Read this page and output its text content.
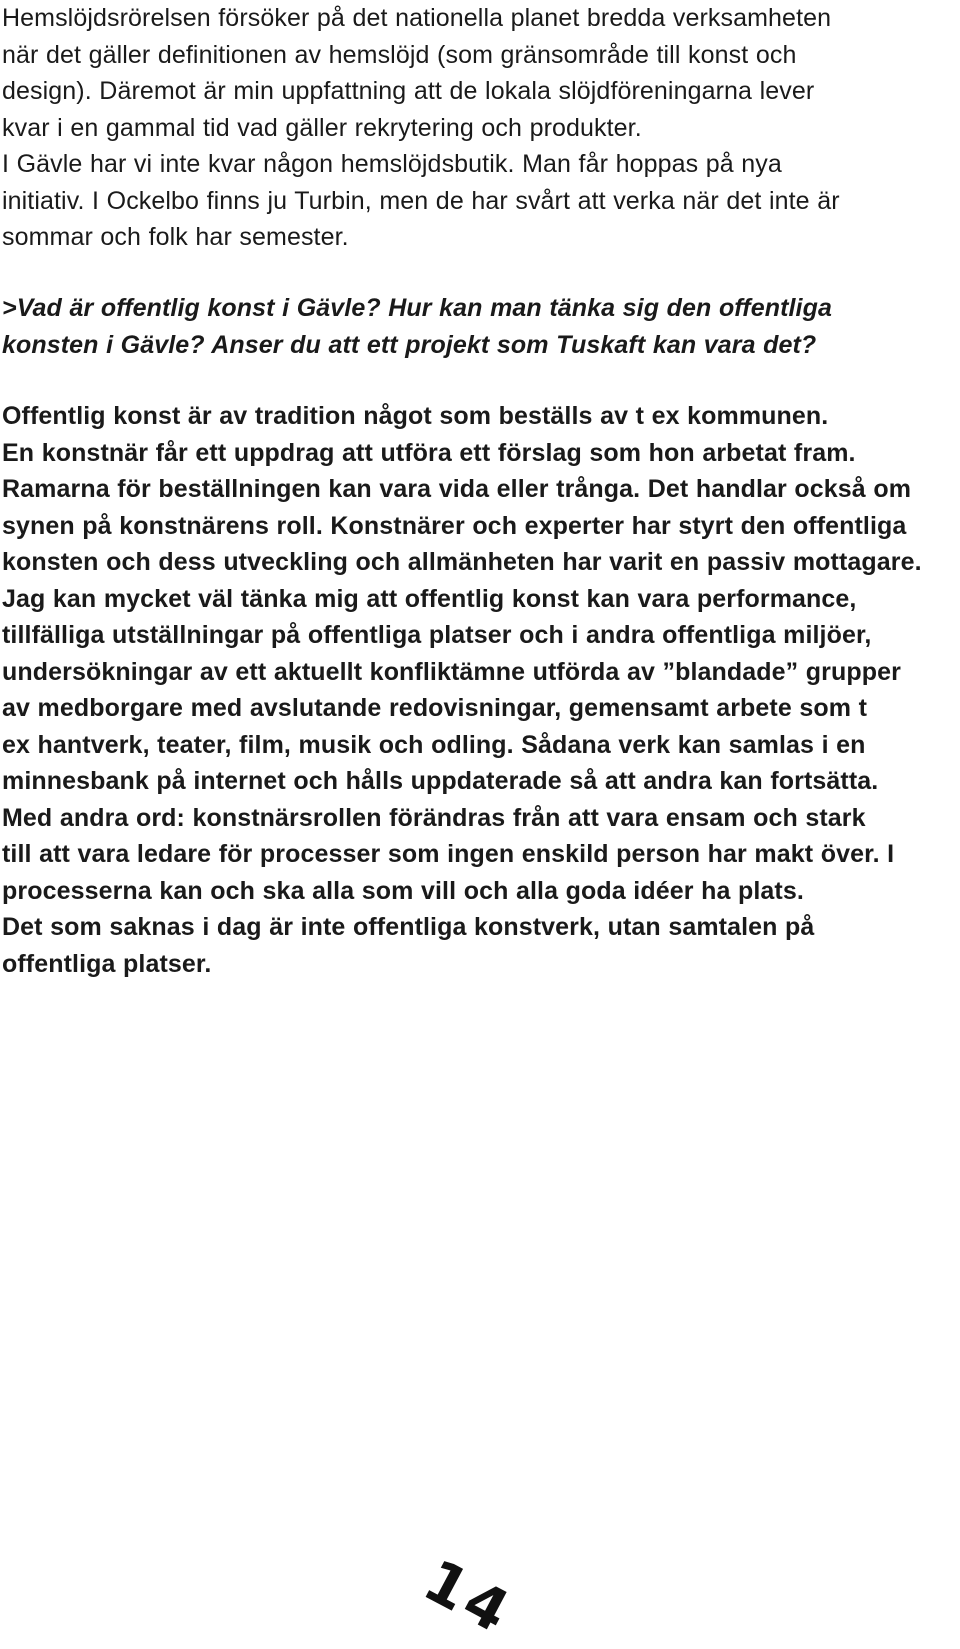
Hemslöjdsrörelsen försöker på det nationella planet bredda verksamheten

när det gäller definitionen av hemslöjd (som gränsområde till konst och

design). Däremot är min uppfattning att de lokala slöjdföreningarna lever

kvar i en gammal tid vad gäller rekrytering och produkter.

I Gävle har vi inte kvar någon hemslöjdsbutik. Man får hoppas på nya

initiativ. I Ockelbo finns ju Turbin, men de har svårt att verka när det inte är

sommar och folk har semester.

>Vad är offentlig konst i Gävle? Hur kan man tänka sig den offentliga

konsten i Gävle? Anser du att ett projekt som Tuskaft kan vara det?

Offentlig konst är av tradition något som beställs av t ex kommunen.

En konstnär får ett uppdrag att utföra ett förslag som hon arbetat fram.

Ramarna för beställningen kan vara vida eller trånga. Det handlar också om

synen på konstnärens roll. Konstnärer och experter har styrt den offentliga

konsten och dess utveckling och allmänheten har varit en passiv mottagare.

Jag kan mycket väl tänka mig att offentlig konst kan vara performance,

tillfälliga utställningar på offentliga platser och i andra offentliga miljöer,

undersökningar av ett aktuellt konfliktämne utförda av ”blandade” grupper

av medborgare med avslutande redovisningar, gemensamt arbete som t

ex hantverk, teater, film, musik och odling. Sådana verk kan samlas i en

minnesbank på internet och hålls uppdaterade så att andra kan fortsätta.

Med andra ord: konstnärsrollen förändras från att vara ensam och stark

till att vara ledare för processer som ingen enskild person har makt över. I

processerna kan och ska alla som vill och alla goda idéer ha plats.

Det som saknas i dag är inte offentliga konstverk, utan samtalen på

offentliga platser.

14
